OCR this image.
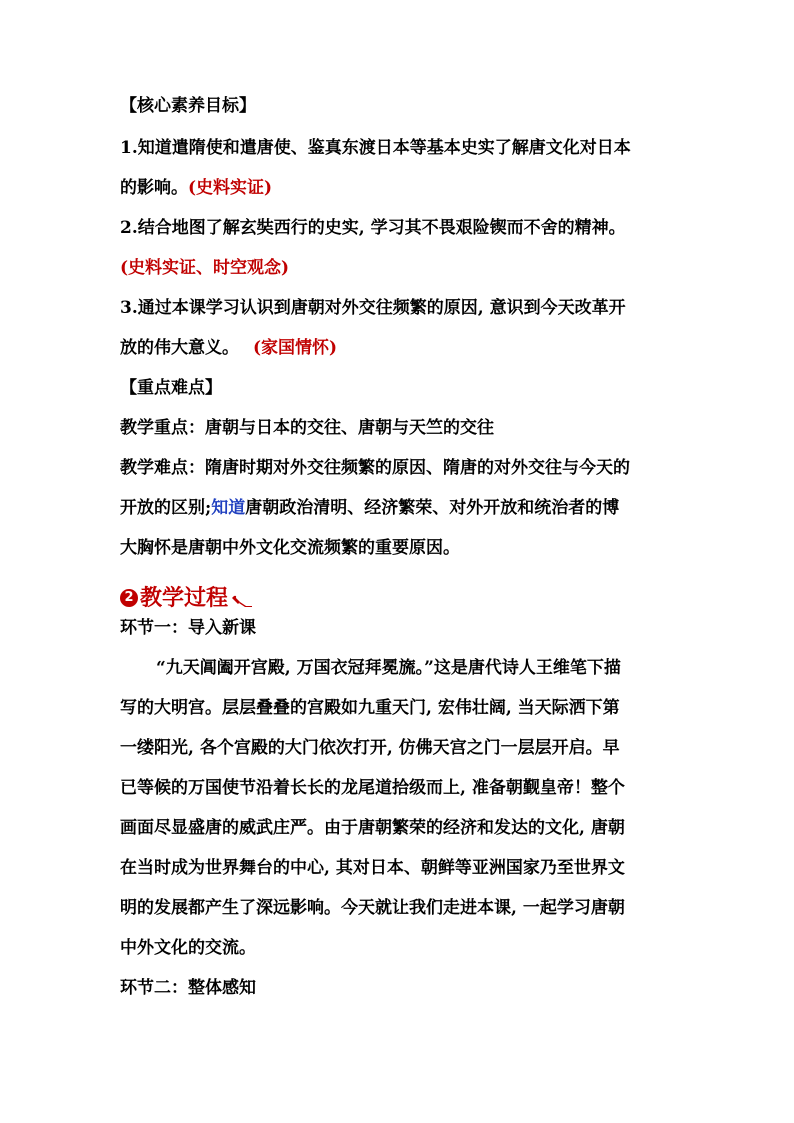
【核心素养目标】
1.知道遣隋使和遣唐使、鉴真东渡日本等基本史实了解唐文化对日本
的影响。(史料实证)
2.结合地图了解玄奘西行的史实, 学习其不畏艰险锲而不舍的精神。
(史料实证、时空观念)
3.通过本课学习认识到唐朝对外交往频繁的原因, 意识到今天改革开
放的伟大意义。 (家国情怀)
【重点难点】
教学重点：唐朝与日本的交往、唐朝与天竺的交往
教学难点：隋唐时期对外交往频繁的原因、隋唐的对外交往与今天的
开放的区别;知道唐朝政治清明、经济繁荣、对外开放和统治者的博
大胸怀是唐朝中外文化交流频繁的重要原因。
2 教学过程
环节一：导入新课
“九天阊阖开宫殿, 万国衣冠拜冕旒。”这是唐代诗人王维笔下描
写的大明宫。层层叠叠的宫殿如九重天门, 宏伟壮阔, 当天际洒下第
一缕阳光, 各个宫殿的大门依次打开, 仿佛天宫之门一层层开启。早
已等候的万国使节沿着长长的龙尾道拾级而上, 准备朝觐皇帝！整个
画面尽显盛唐的威武庄严。由于唐朝繁荣的经济和发达的文化, 唐朝
在当时成为世界舞台的中心, 其对日本、朝鲜等亚洲国家乃至世界文
明的发展都产生了深远影响。今天就让我们走进本课, 一起学习唐朝
中外文化的交流。
环节二：整体感知
